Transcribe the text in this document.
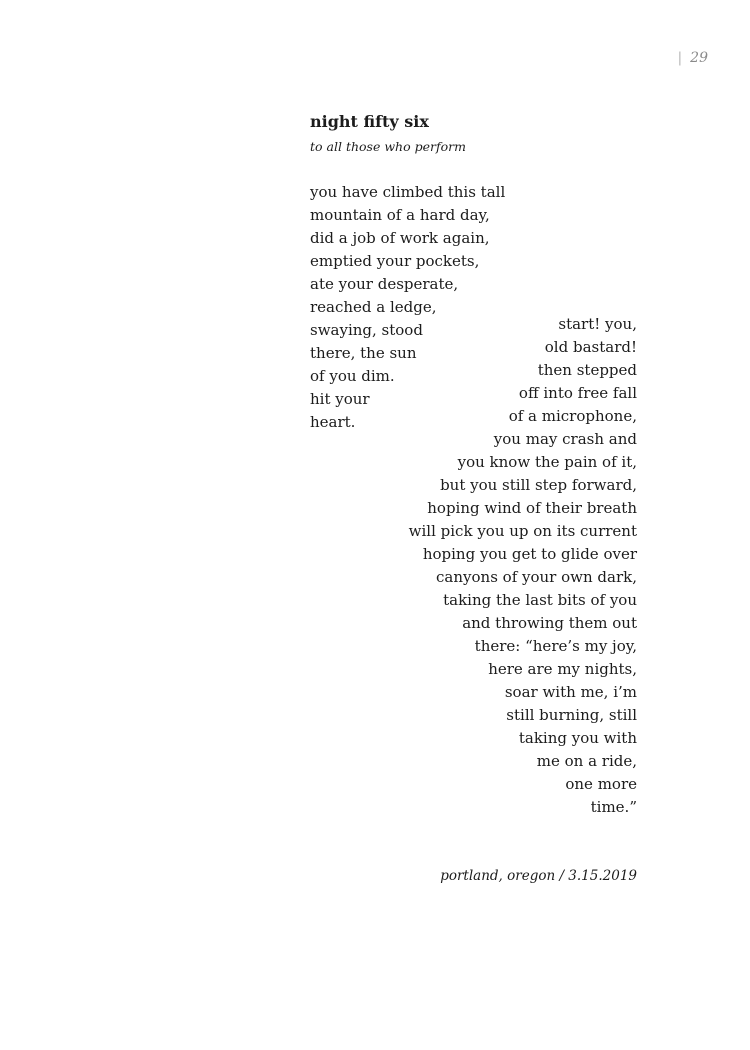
| 29
night fifty six
to all those who perform
you have climbed this tall
mountain of a hard day,
did a job of work again,
emptied your pockets,
ate your desperate,
reached a ledge,
swaying, stood
there, the sun
of you dim.
hit your
heart.
start! you,
old bastard!
then stepped
off into free fall
of a microphone,
you may crash and
you know the pain of it,
but you still step forward,
hoping wind of their breath
will pick you up on its current
hoping you get to glide over
canyons of your own dark,
taking the last bits of you
and throwing them out
there: “here’s my joy,
here are my nights,
soar with me, i’m
still burning, still
taking you with
me on a ride,
one more
time.”
portland, oregon / 3.15.2019
